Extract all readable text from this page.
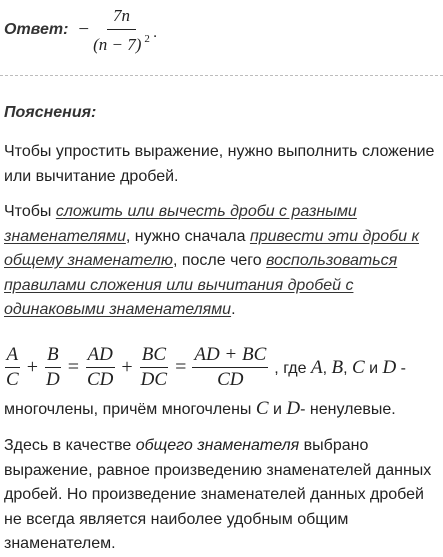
Ответ: − $\frac{7n}{(n - 7) ^2}$ .
Пояснения:
Чтобы упростить выражение, нужно выполнить сложение или вычитание дробей.
Чтобы сложить или вычесть дроби с разными знаменателями, нужно сначала привести эти дроби к общему знаменателю, после чего воспользоваться правилами сложения или вычитания дробей с одинаковыми знаменателями.
$\frac{A}{C} + \frac{B}{D} = \frac{AD}{CD} + \frac{BC}{DC} = \frac{AD + BC}{CD}$ , где A, B, C и D -
многочлены, причём многочлены C и D- ненулевые.
Здесь в качестве общего знаменателя выбрано выражение, равное произведению знаменателей данных дробей. Но произведение знаменателей данных дробей не всегда является наиболее удобным общим знаменателем.
